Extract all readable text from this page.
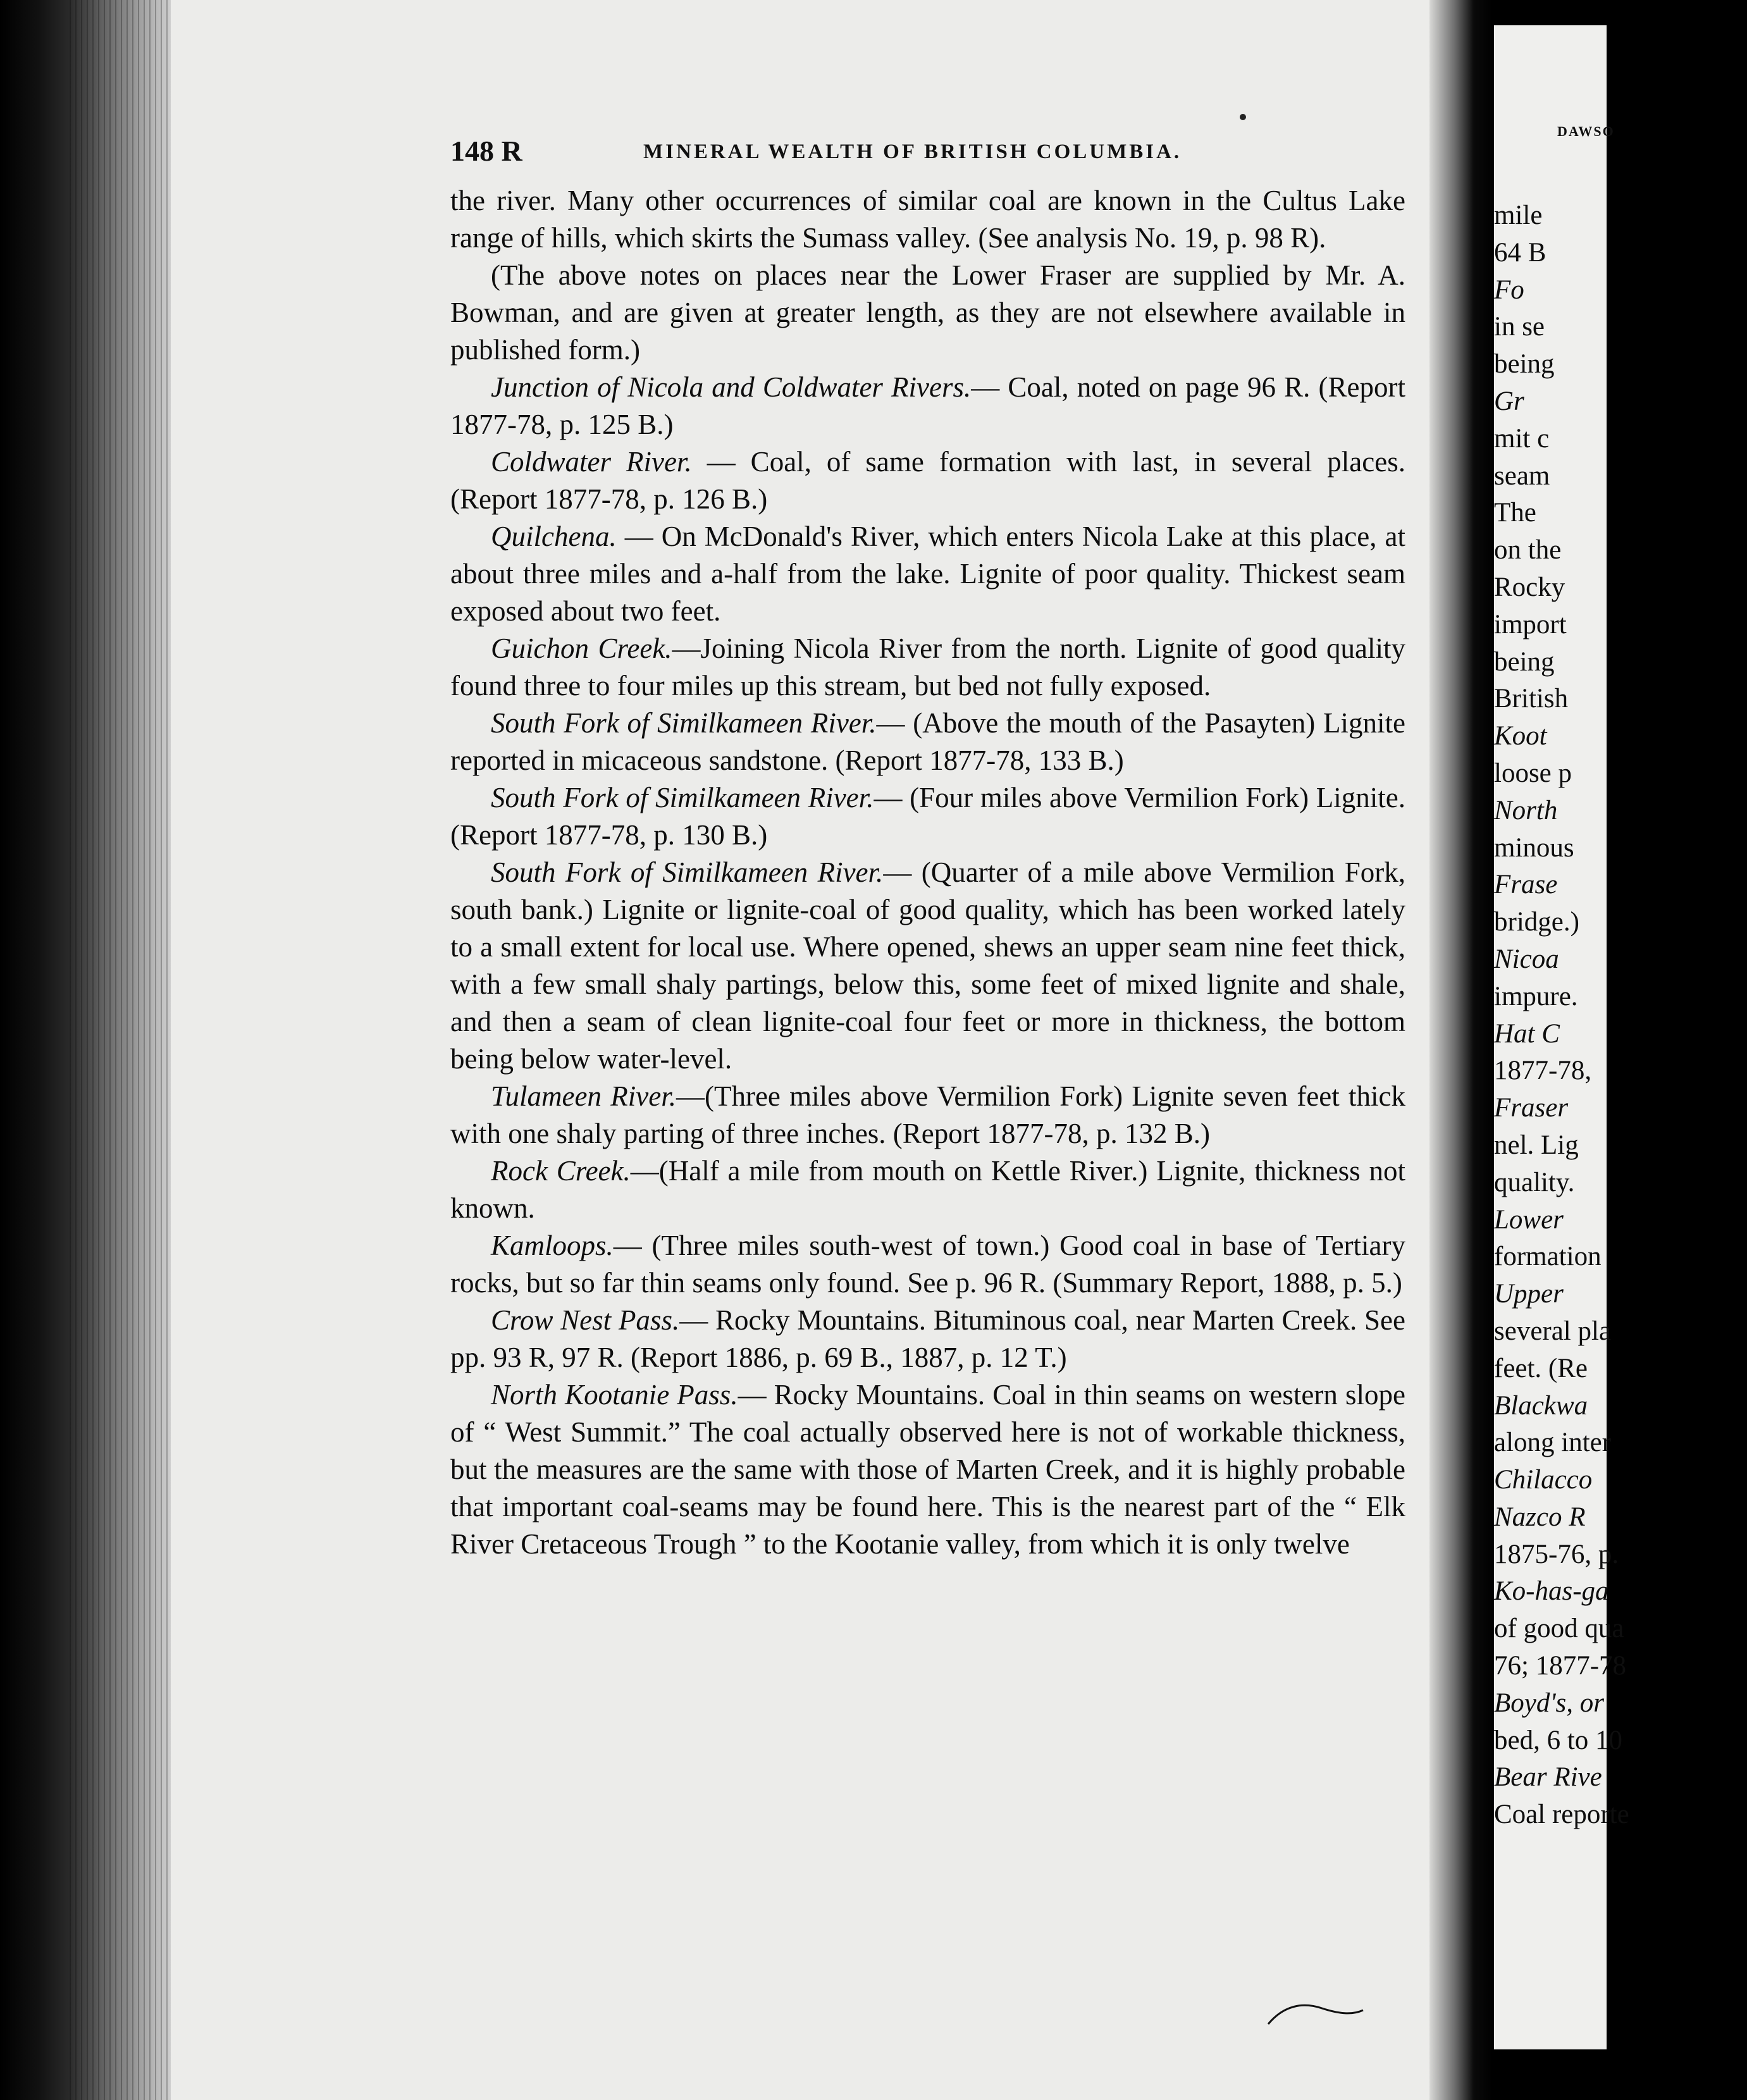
148 R	MINERAL WEALTH OF BRITISH COLUMBIA.

the river. Many other occurrences of similar coal are known in the Cultus Lake range of hills, which skirts the Sumass valley. (See analysis No. 19, p. 98 R).

(The above notes on places near the Lower Fraser are supplied by Mr. A. Bowman, and are given at greater length, as they are not elsewhere available in published form.)

Junction of Nicola and Coldwater Rivers.— Coal, noted on page 96 R. (Report 1877-78, p. 125 B.)

Coldwater River. — Coal, of same formation with last, in several places. (Report 1877-78, p. 126 B.)

Quilchena. — On McDonald's River, which enters Nicola Lake at this place, at about three miles and a-half from the lake. Lignite of poor quality. Thickest seam exposed about two feet.

Guichon Creek.—Joining Nicola River from the north. Lignite of good quality found three to four miles up this stream, but bed not fully exposed.

South Fork of Similkameen River.— (Above the mouth of the Pasayten) Lignite reported in micaceous sandstone. (Report 1877-78, 133 B.)

South Fork of Similkameen River.— (Four miles above Vermilion Fork) Lignite. (Report 1877-78, p. 130 B.)

South Fork of Similkameen River.— (Quarter of a mile above Vermilion Fork, south bank.) Lignite or lignite-coal of good quality, which has been worked lately to a small extent for local use. Where opened, shews an upper seam nine feet thick, with a few small shaly partings, below this, some feet of mixed lignite and shale, and then a seam of clean lignite-coal four feet or more in thickness, the bottom being below water-level.

Tulameen River.—(Three miles above Vermilion Fork) Lignite seven feet thick with one shaly parting of three inches. (Report 1877-78, p. 132 B.)

Rock Creek.—(Half a mile from mouth on Kettle River.) Lignite, thickness not known.

Kamloops.— (Three miles south-west of town.) Good coal in base of Tertiary rocks, but so far thin seams only found. See p. 96 R. (Summary Report, 1888, p. 5.)

Crow Nest Pass.— Rocky Mountains. Bituminous coal, near Marten Creek. See pp. 93 R, 97 R. (Report 1886, p. 69 B., 1887, p. 12 T.)

North Kootanie Pass.— Rocky Mountains. Coal in thin seams on western slope of “ West Summit.” The coal actually observed here is not of workable thickness, but the measures are the same with those of Marten Creek, and it is highly probable that important coal-seams may be found here. This is the nearest part of the “ Elk River Cretaceous Trough ” to the Kootanie valley, from which it is only twelve

DAWSO
mile
64 B
Fo
in se
being
Gr
mit c
seam
The
on the
Rocky
import
being
British
Koot
loose p
North
minous
Frase
bridge.)
Nicoa
impure.
Hat C
1877-78,
Fraser
nel. Lig
quality.
Lower
formation
Upper
several pla
feet. (Re
Blackwa
along inter
Chilacco
Nazco R
1875-76, p.
Ko-has-ga
of good qua
76; 1877-78
Boyd's, or
bed, 6 to 10
Bear Rive
Coal reporte
